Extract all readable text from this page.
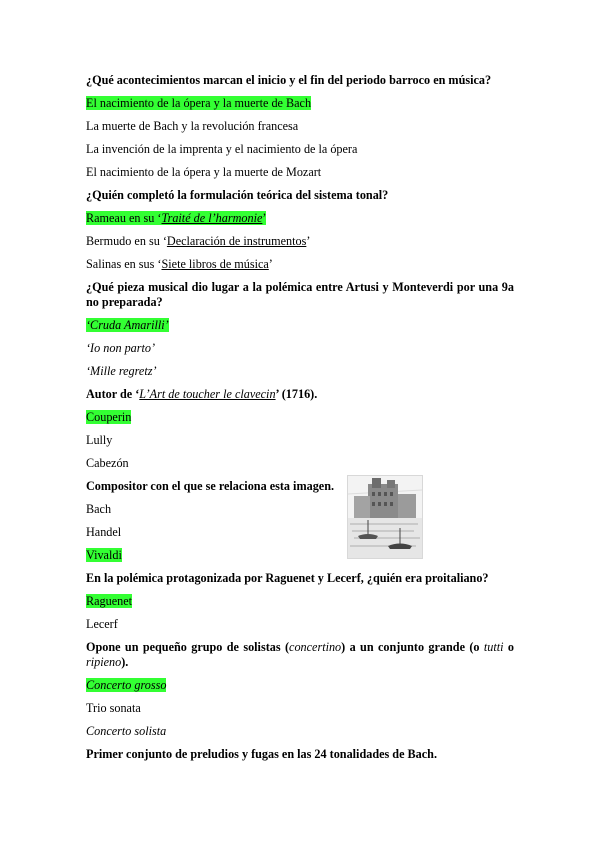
¿Qué acontecimientos marcan el inicio y el fin del periodo barroco en música?
El nacimiento de la ópera y la muerte de Bach
La muerte de Bach y la revolución francesa
La invención de la imprenta y el nacimiento de la ópera
El nacimiento de la ópera y la muerte de Mozart
¿Quién completó la formulación teórica del sistema tonal?
Rameau en su ‘Traité de l’harmonie’
Bermudo en su ‘Declaración de instrumentos’
Salinas en sus ‘Siete libros de música’
¿Qué pieza musical dio lugar a la polémica entre Artusi y Monteverdi por una 9a
no preparada?
‘Cruda Amarilli’
‘Io non parto’
‘Mille regretz’
Autor de ‘L’Art de toucher le clavecin’ (1716).
Couperin
Lully
Cabezón
Compositor con el que se relaciona esta imagen.
Bach
Handel
Vivaldi
En la polémica protagonizada por Raguenet y Lecerf, ¿quién era proitaliano?
Raguenet
Lecerf
Opone un pequeño grupo de solistas (concertino) a un conjunto grande (o tutti o
ripieno).
Concerto grosso
Trio sonata
Concerto solista
Primer conjunto de preludios y fugas en las 24 tonalidades de Bach.
